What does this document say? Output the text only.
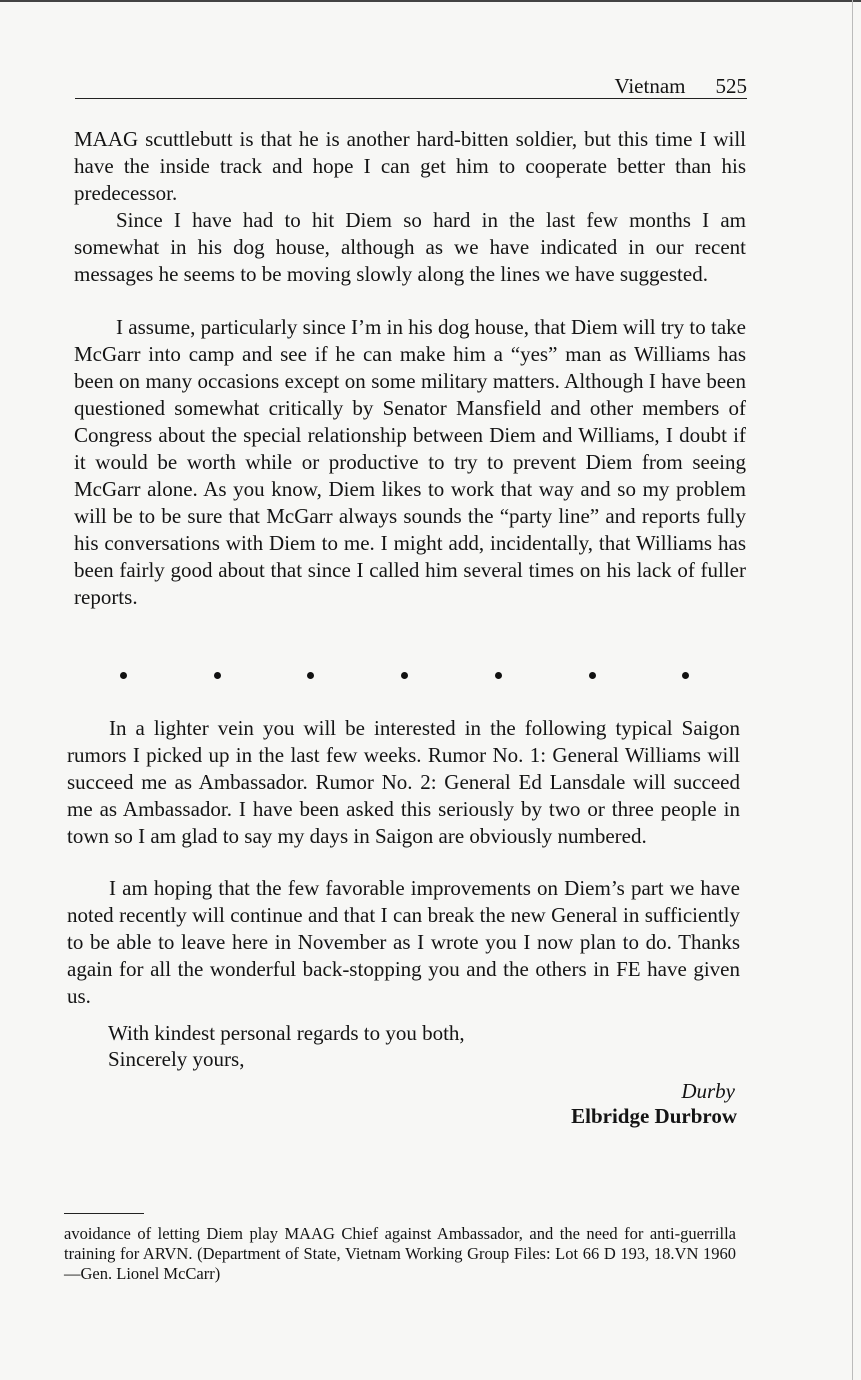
Vietnam 525

MAAG scuttlebutt is that he is another hard-bitten soldier, but this time I will have the inside track and hope I can get him to cooperate better than his predecessor.

Since I have had to hit Diem so hard in the last few months I am somewhat in his dog house, although as we have indicated in our recent messages he seems to be moving slowly along the lines we have suggested.

I assume, particularly since I’m in his dog house, that Diem will try to take McGarr into camp and see if he can make him a “yes” man as Williams has been on many occasions except on some military matters. Although I have been questioned somewhat critically by Senator Mansfield and other members of Congress about the special relationship between Diem and Williams, I doubt if it would be worth while or productive to try to prevent Diem from seeing McGarr alone. As you know, Diem likes to work that way and so my problem will be to be sure that McGarr always sounds the “party line” and reports fully his conversations with Diem to me. I might add, incidentally, that Williams has been fairly good about that since I called him several times on his lack of fuller reports.

In a lighter vein you will be interested in the following typical Saigon rumors I picked up in the last few weeks. Rumor No. 1: General Williams will succeed me as Ambassador. Rumor No. 2: General Ed Lansdale will succeed me as Ambassador. I have been asked this seriously by two or three people in town so I am glad to say my days in Saigon are obviously numbered.

I am hoping that the few favorable improvements on Diem’s part we have noted recently will continue and that I can break the new General in sufficiently to be able to leave here in November as I wrote you I now plan to do. Thanks again for all the wonderful back-stopping you and the others in FE have given us.

With kindest personal regards to you both,
Sincerely yours,
Durby
Elbridge Durbrow

avoidance of letting Diem play MAAG Chief against Ambassador, and the need for anti-guerrilla training for ARVN. (Department of State, Vietnam Working Group Files: Lot 66 D 193, 18.VN 1960—Gen. Lionel McCarr)
